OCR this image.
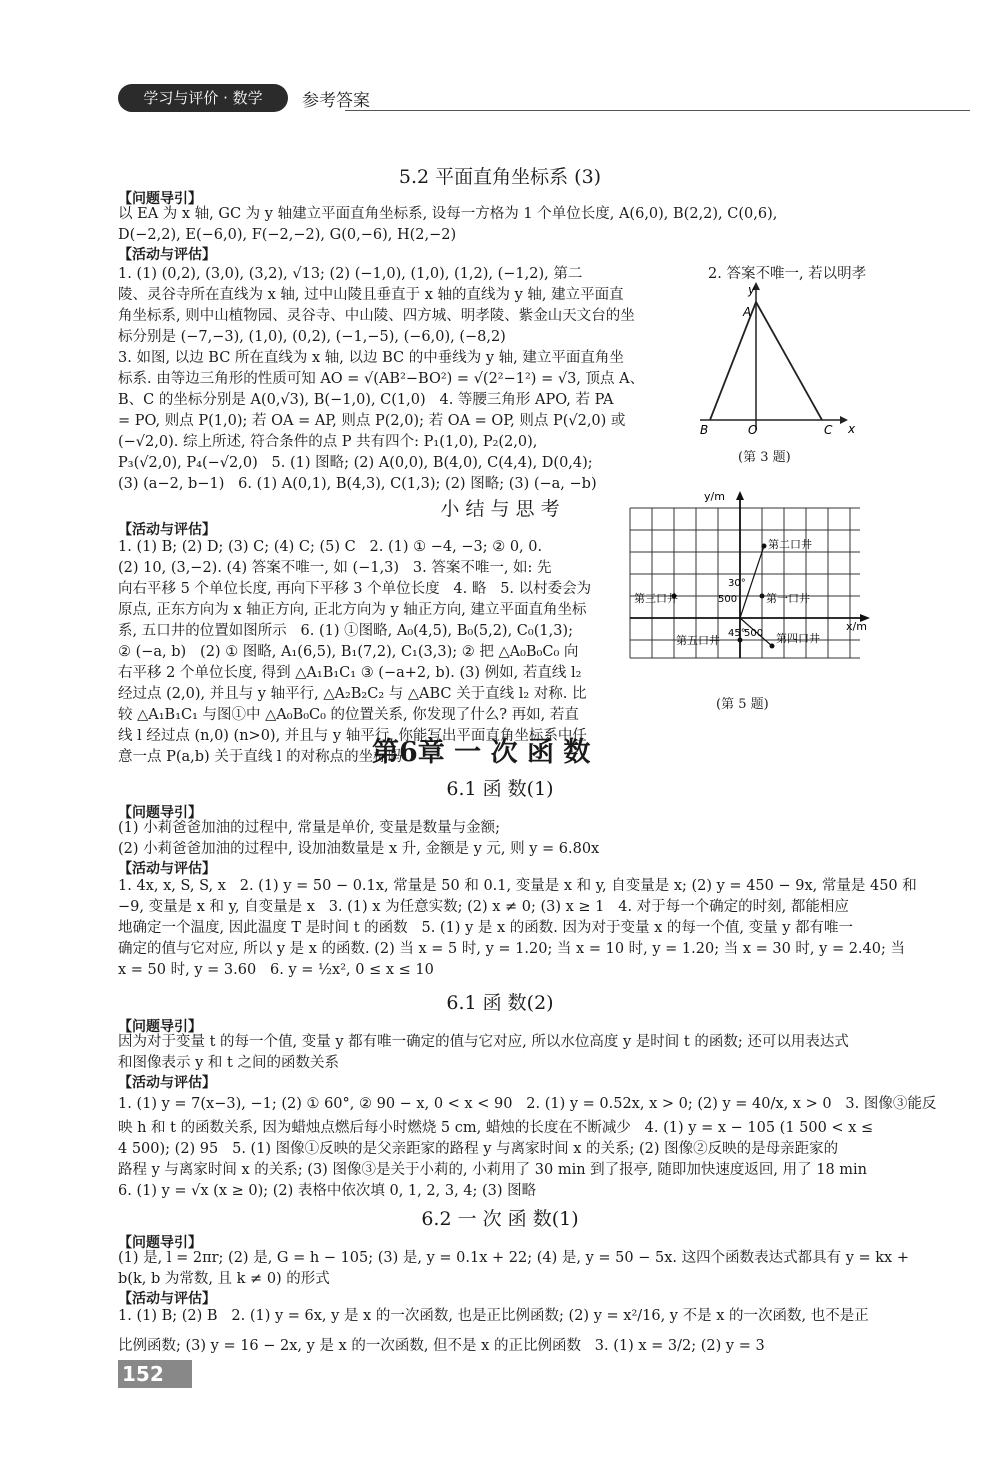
学习与评价 · 数学	参考答案
5.2 平面直角坐标系 (3)
【问题导引】
以 EA 为 x 轴, GC 为 y 轴建立平面直角坐标系, 设每一方格为 1 个单位长度, A(6,0), B(2,2), C(0,6),
D(−2,2), E(−6,0), F(−2,−2), G(0,−6), H(2,−2)
【活动与评估】
1. (1) (0,2), (3,0), (3,2), √13; (2) (−1,0), (1,0), (1,2), (−1,2), 第二
陵、灵谷寺所在直线为 x 轴, 过中山陵且垂直于 x 轴的直线为 y 轴, 建立平面直
角坐标系, 则中山植物园、灵谷寺、中山陵、四方城、明孝陵、紫金山天文台的坐
标分别是 (−7,−3), (1,0), (0,2), (−1,−5), (−6,0), (−8,2)
3. 如图, 以边 BC 所在直线为 x 轴, 以边 BC 的中垂线为 y 轴, 建立平面直角坐
标系. 由等边三角形的性质可知 AO = √(AB²−BO²) = √(2²−1²) = √3, 顶点 A、
B、C 的坐标分别是 A(0,√3), B(−1,0), C(1,0)   4. 等腰三角形 APO, 若 PA
= PO, 则点 P(1,0); 若 OA = AP, 则点 P(2,0); 若 OA = OP, 则点 P(√2,0) 或
(−√2,0). 综上所述, 符合条件的点 P 共有四个: P₁(1,0), P₂(2,0),
P₃(√2,0), P₄(−√2,0)   5. (1) 图略; (2) A(0,0), B(4,0), C(4,4), D(0,4);
(3) (a−2, b−1)   6. (1) A(0,1), B(4,3), C(1,3); (2) 图略; (3) (−a, −b)
2. 答案不唯一, 若以明孝
y
x
A
B	O	C
(第 3 题)
小 结 与 思 考
【活动与评估】
1. (1) B; (2) D; (3) C; (4) C; (5) C   2. (1) ① −4, −3; ② 0, 0.
(2) 10, (3,−2). (4) 答案不唯一, 如 (−1,3)   3. 答案不唯一, 如: 先
向右平移 5 个单位长度, 再向下平移 3 个单位长度   4. 略   5. 以村委会为
原点, 正东方向为 x 轴正方向, 正北方向为 y 轴正方向, 建立平面直角坐标
系, 五口井的位置如图所示   6. (1) ①图略, A₀(4,5), B₀(5,2), C₀(1,3);
② (−a, b)   (2) ① 图略, A₁(6,5), B₁(7,2), C₁(3,3); ② 把 △A₀B₀C₀ 向
右平移 2 个单位长度, 得到 △A₁B₁C₁ ③ (−a+2, b). (3) 例如, 若直线 l₂
经过点 (2,0), 并且与 y 轴平行, △A₂B₂C₂ 与 △ABC 关于直线 l₂ 对称. 比
较 △A₁B₁C₁ 与图①中 △A₀B₀C₀ 的位置关系, 你发现了什么? 再如, 若直
线 l 经过点 (n,0) (n>0), 并且与 y 轴平行, 你能写出平面直角坐标系中任
意一点 P(a,b) 关于直线 l 的对称点的坐标吗
y/m
x/m
第二口井
第三口井	第一口井
第五口井	第四口井
30°
500
500
45°
(第 5 题)
第6章 一 次 函 数
6.1 函 数(1)
【问题导引】
(1) 小莉爸爸加油的过程中, 常量是单价, 变量是数量与金额;
(2) 小莉爸爸加油的过程中, 设加油数量是 x 升, 金额是 y 元, 则 y = 6.80x
【活动与评估】
1. 4x, x, S, S, x   2. (1) y = 50 − 0.1x, 常量是 50 和 0.1, 变量是 x 和 y, 自变量是 x; (2) y = 450 − 9x, 常量是 450 和
−9, 变量是 x 和 y, 自变量是 x   3. (1) x 为任意实数; (2) x ≠ 0; (3) x ≥ 1   4. 对于每一个确定的时刻, 都能相应
地确定一个温度, 因此温度 T 是时间 t 的函数   5. (1) y 是 x 的函数. 因为对于变量 x 的每一个值, 变量 y 都有唯一
确定的值与它对应, 所以 y 是 x 的函数. (2) 当 x = 5 时, y = 1.20; 当 x = 10 时, y = 1.20; 当 x = 30 时, y = 2.40; 当
x = 50 时, y = 3.60   6. y = ½x², 0 ≤ x ≤ 10
6.1 函 数(2)
【问题导引】
因为对于变量 t 的每一个值, 变量 y 都有唯一确定的值与它对应, 所以水位高度 y 是时间 t 的函数; 还可以用表达式
和图像表示 y 和 t 之间的函数关系
【活动与评估】
1. (1) y = 7(x−3), −1; (2) ① 60°, ② 90 − x, 0 < x < 90   2. (1) y = 0.52x, x > 0; (2) y = 40/x, x > 0   3. 图像③能反
映 h 和 t 的函数关系, 因为蜡烛点燃后每小时燃烧 5 cm, 蜡烛的长度在不断减少   4. (1) y = x − 105 (1 500 < x ≤
4 500); (2) 95   5. (1) 图像①反映的是父亲距家的路程 y 与离家时间 x 的关系; (2) 图像②反映的是母亲距家的
路程 y 与离家时间 x 的关系; (3) 图像③是关于小莉的, 小莉用了 30 min 到了报亭, 随即加快速度返回, 用了 18 min
6. (1) y = √x (x ≥ 0); (2) 表格中依次填 0, 1, 2, 3, 4; (3) 图略
6.2 一 次 函 数(1)
【问题导引】
(1) 是, l = 2πr; (2) 是, G = h − 105; (3) 是, y = 0.1x + 22; (4) 是, y = 50 − 5x. 这四个函数表达式都具有 y = kx +
b(k, b 为常数, 且 k ≠ 0) 的形式
【活动与评估】
1. (1) B; (2) B   2. (1) y = 6x, y 是 x 的一次函数, 也是正比例函数; (2) y = x²/16, y 不是 x 的一次函数, 也不是正
比例函数; (3) y = 16 − 2x, y 是 x 的一次函数, 但不是 x 的正比例函数   3. (1) x = 3/2; (2) y = 3
152
